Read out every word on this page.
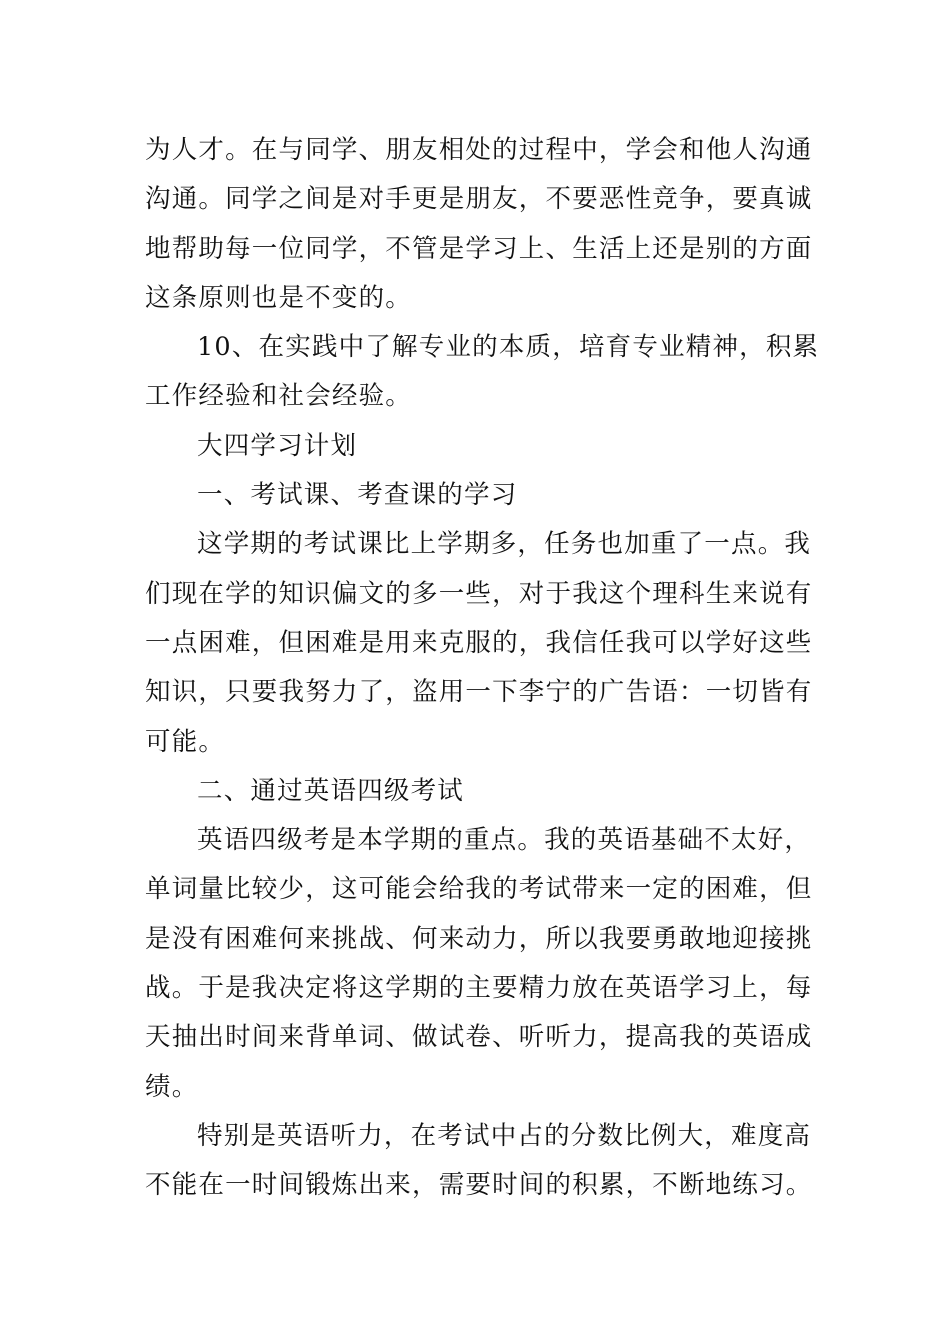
为人才。在与同学、朋友相处的过程中，学会和他人沟通
沟通。同学之间是对手更是朋友，不要恶性竞争，要真诚
地帮助每一位同学，不管是学习上、生活上还是别的方面
这条原则也是不变的。
10、在实践中了解专业的本质，培育专业精神，积累
工作经验和社会经验。
大四学习计划
一、考试课、考查课的学习
这学期的考试课比上学期多，任务也加重了一点。我
们现在学的知识偏文的多一些，对于我这个理科生来说有
一点困难，但困难是用来克服的，我信任我可以学好这些
知识，只要我努力了，盗用一下李宁的广告语：一切皆有
可能。
二、通过英语四级考试
英语四级考是本学期的重点。我的英语基础不太好，
单词量比较少，这可能会给我的考试带来一定的困难，但
是没有困难何来挑战、何来动力，所以我要勇敢地迎接挑
战。于是我决定将这学期的主要精力放在英语学习上，每
天抽出时间来背单词、做试卷、听听力，提高我的英语成
绩。
特别是英语听力，在考试中占的分数比例大，难度高
不能在一时间锻炼出来，需要时间的积累，不断地练习。
